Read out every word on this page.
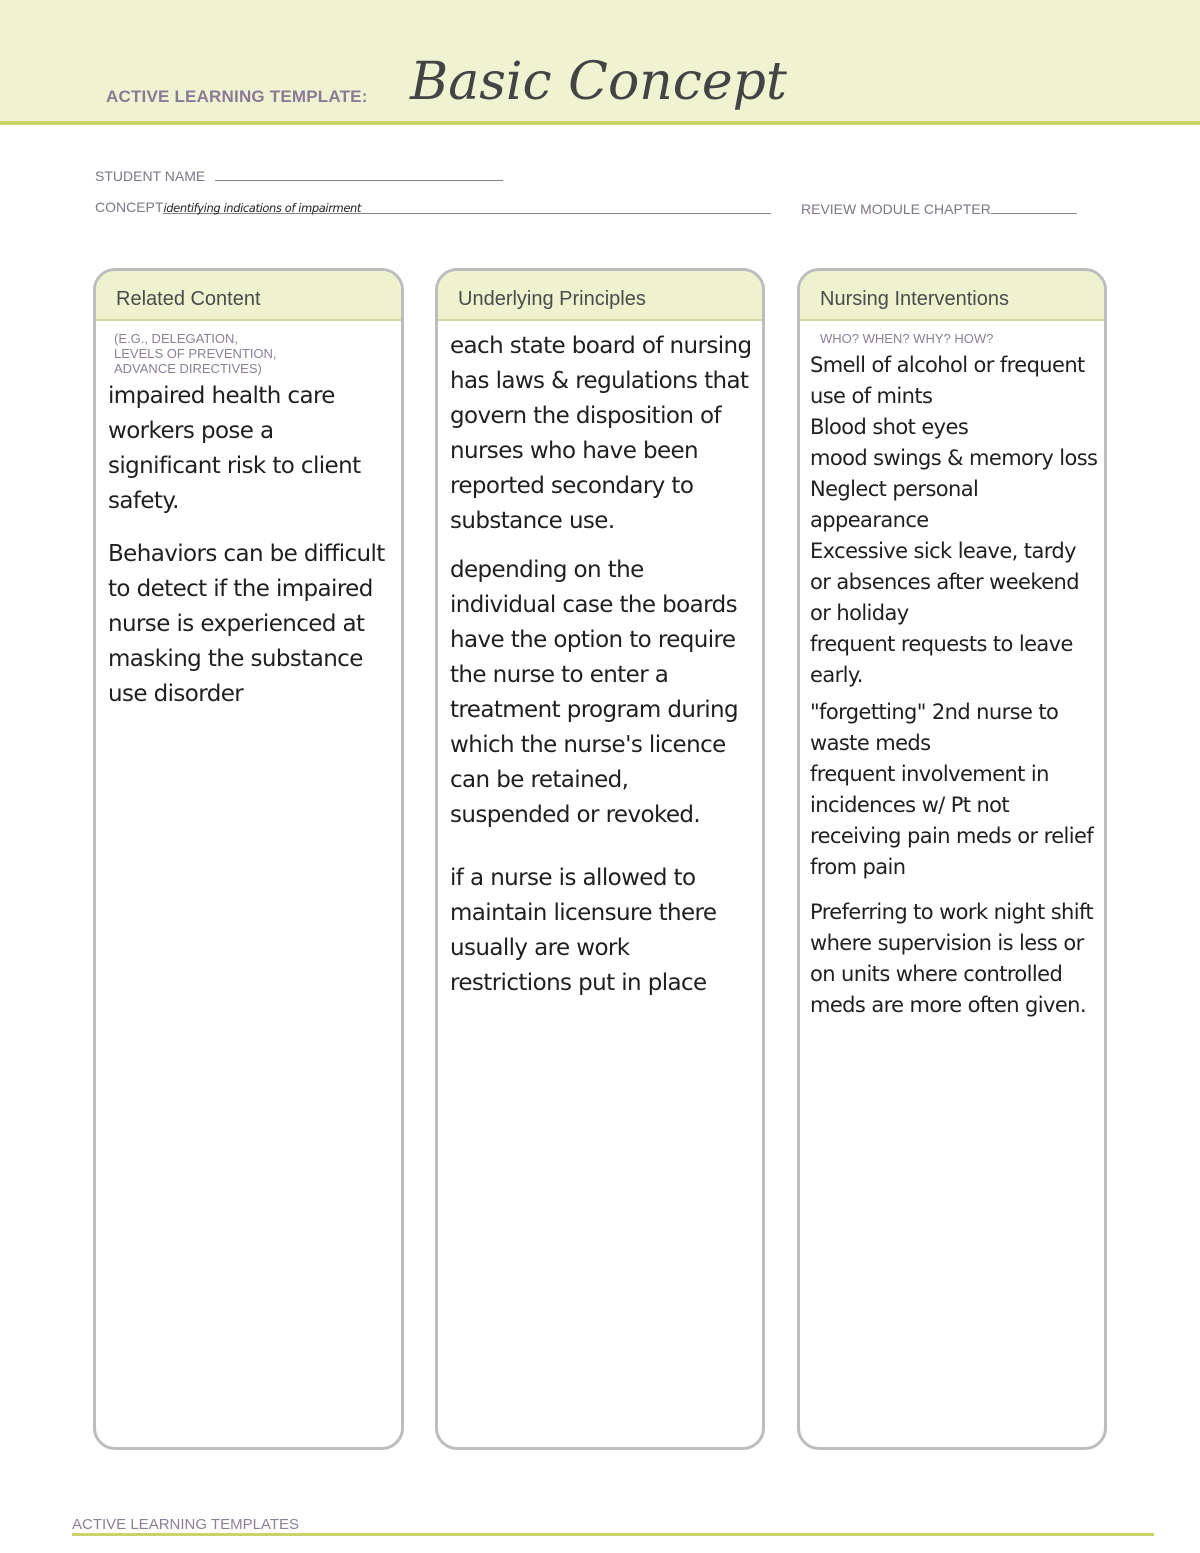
ACTIVE LEARNING TEMPLATE: Basic Concept
STUDENT NAME
CONCEPTidentifying indications of impairment	REVIEW MODULE CHAPTER
Related Content
(E.G., DELEGATION,
LEVELS OF PREVENTION,
ADVANCE DIRECTIVES)

impaired health care workers pose a significant risk to client safety.

Behaviors can be difficult to detect if the impaired nurse is experienced at masking the substance use disorder

Underlying Principles

each state board of nursing has laws & regulations that govern the disposition of nurses who have been reported secondary to substance use.

depending on the individual case the boards have the option to require the nurse to enter a treatment program during which the nurse's licence can be retained, suspended or revoked.

if a nurse is allowed to maintain licensure there usually are work restrictions put in place

Nursing Interventions
WHO? WHEN? WHY? HOW?

Smell of alcohol or frequent use of mints

Blood shot eyes

mood swings & memory loss

Neglect personal appearance

Excessive sick leave, tardy or absences after weekend or holiday

frequent requests to leave early.

"forgetting" 2nd nurse to waste meds

frequent involvement in incidences w/ Pt not receiving pain meds or relief from pain

Preferring to work night shift where supervision is less or on units where controlled meds are more often given.

ACTIVE LEARNING TEMPLATES
